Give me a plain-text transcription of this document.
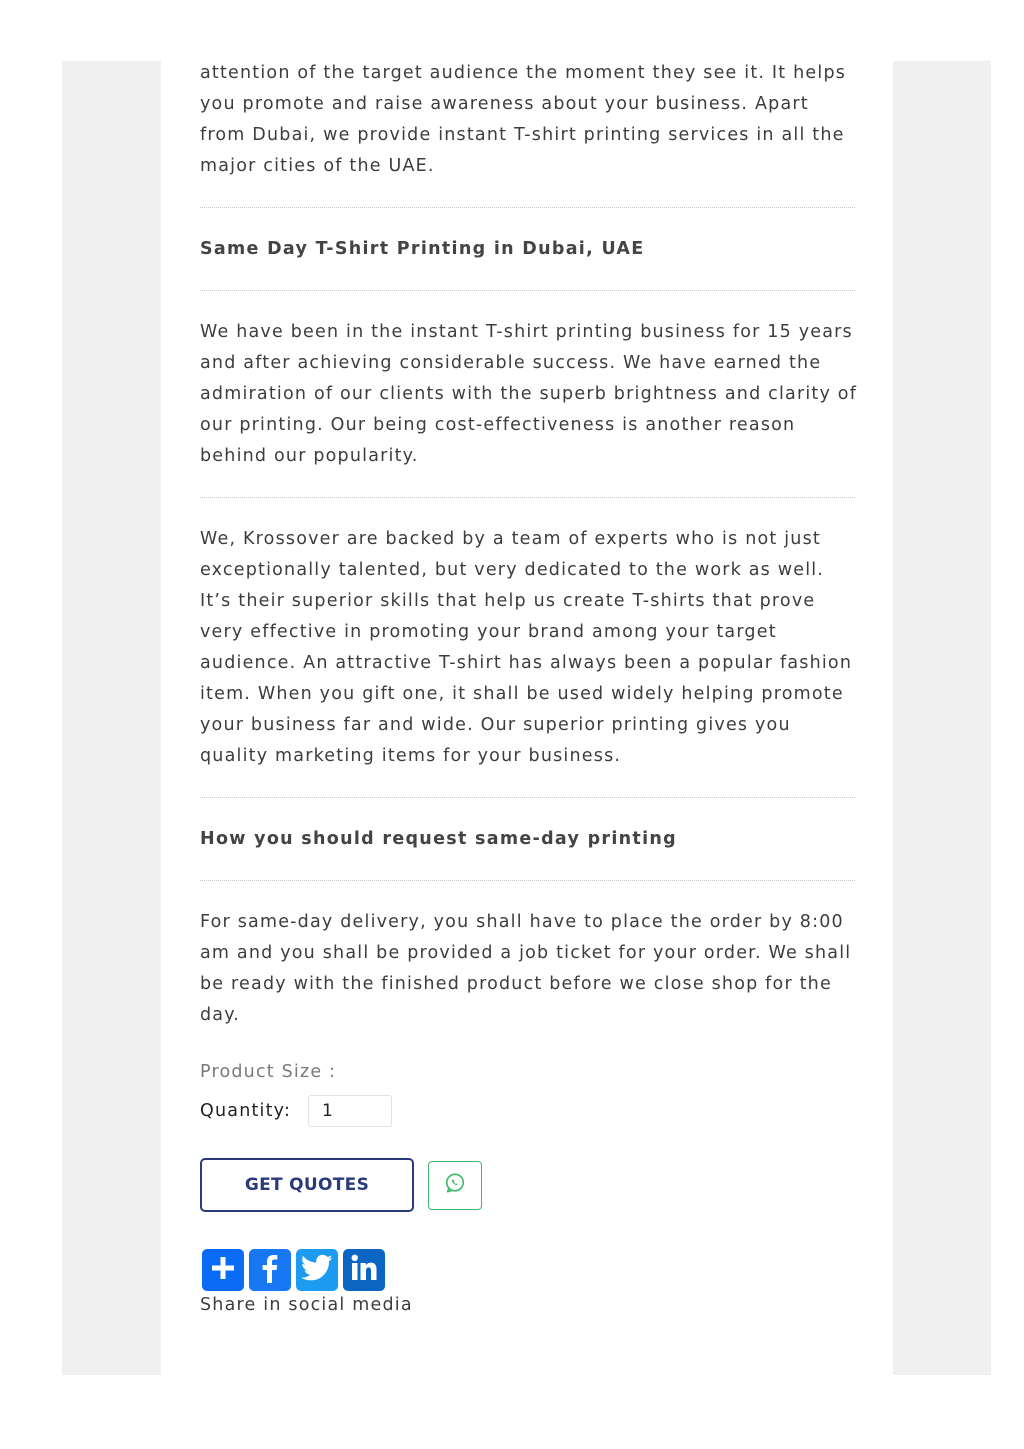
attention of the target audience the moment they see it. It helps you promote and raise awareness about your business. Apart from Dubai, we provide instant T-shirt printing services in all the major cities of the UAE.

Same Day T-Shirt Printing in Dubai, UAE

We have been in the instant T-shirt printing business for 15 years and after achieving considerable success. We have earned the admiration of our clients with the superb brightness and clarity of our printing. Our being cost-effectiveness is another reason behind our popularity.

We, Krossover are backed by a team of experts who is not just exceptionally talented, but very dedicated to the work as well. It’s their superior skills that help us create T-shirts that prove very effective in promoting your brand among your target audience. An attractive T-shirt has always been a popular fashion item. When you gift one, it shall be used widely helping promote your business far and wide. Our superior printing gives you quality marketing items for your business.

How you should request same-day printing

For same-day delivery, you shall have to place the order by 8:00 am and you shall be provided a job ticket for your order. We shall be ready with the finished product before we close shop for the day.

Product Size :
Quantity:
1
GET QUOTES
Share in social media
